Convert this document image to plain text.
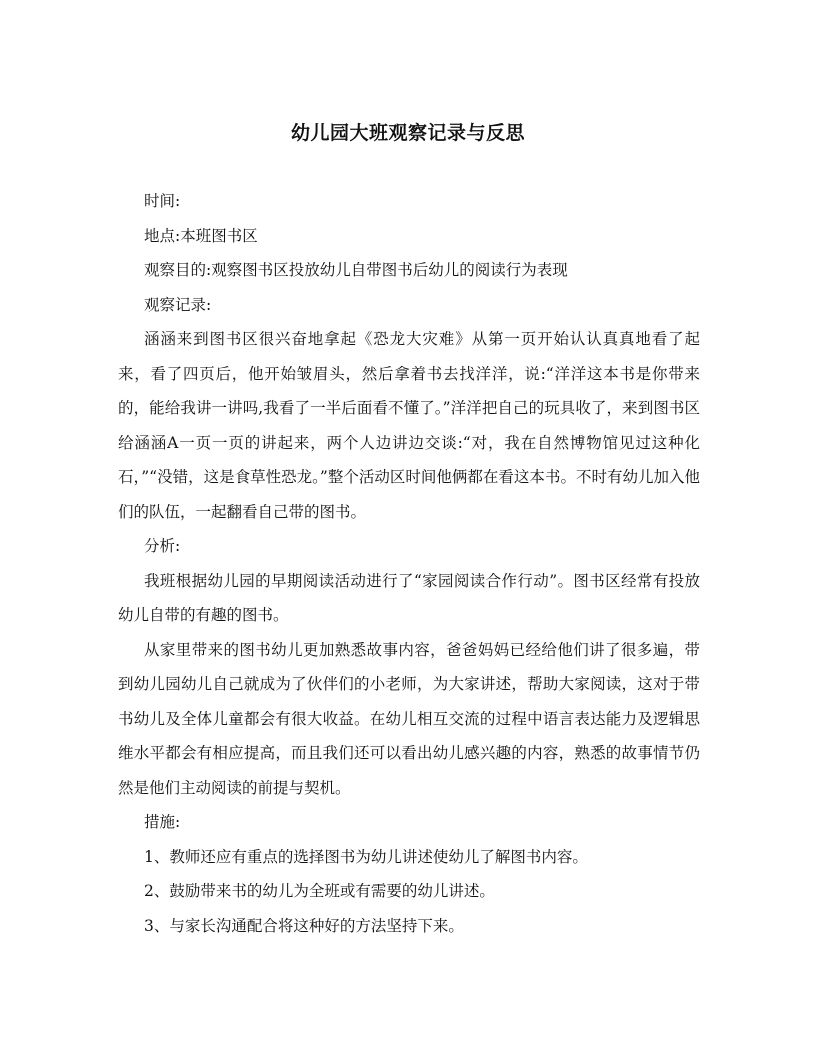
幼儿园大班观察记录与反思
时间:
地点:本班图书区
观察目的:观察图书区投放幼儿自带图书后幼儿的阅读行为表现
观察记录:

涵涵来到图书区很兴奋地拿起《恐龙大灾难》从第一页开始认认真真地看了起来，看了四页后，他开始皱眉头，然后拿着书去找洋洋，说:“洋洋这本书是你带来的，能给我讲一讲吗,我看了一半后面看不懂了。”洋洋把自己的玩具收了，来到图书区给涵涵A一页一页的讲起来，两个人边讲边交谈:“对，我在自然博物馆见过这种化石，”“没错，这是食草性恐龙。”整个活动区时间他俩都在看这本书。不时有幼儿加入他们的队伍，一起翻看自己带的图书。

分析:

我班根据幼儿园的早期阅读活动进行了“家园阅读合作行动”。图书区经常有投放幼儿自带的有趣的图书。

从家里带来的图书幼儿更加熟悉故事内容，爸爸妈妈已经给他们讲了很多遍，带到幼儿园幼儿自己就成为了伙伴们的小老师，为大家讲述，帮助大家阅读，这对于带书幼儿及全体儿童都会有很大收益。在幼儿相互交流的过程中语言表达能力及逻辑思维水平都会有相应提高，而且我们还可以看出幼儿感兴趣的内容，熟悉的故事情节仍然是他们主动阅读的前提与契机。

措施:
1、教师还应有重点的选择图书为幼儿讲述使幼儿了解图书内容。
2、鼓励带来书的幼儿为全班或有需要的幼儿讲述。
3、与家长沟通配合将这种好的方法坚持下来。
